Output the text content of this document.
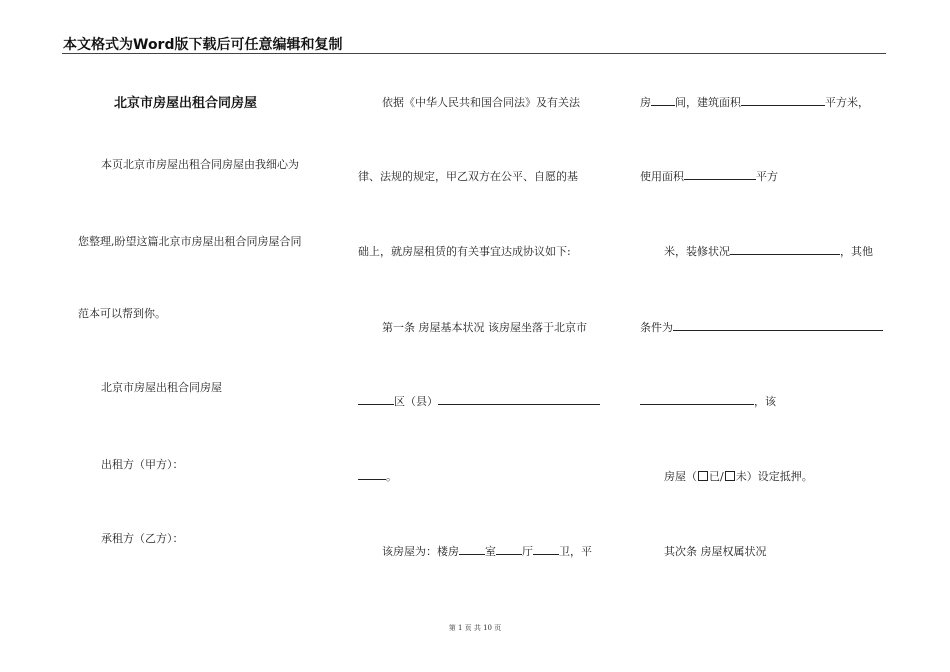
本文格式为Word版下载后可任意编辑和复制
北京市房屋出租合同房屋
本页北京市房屋出租合同房屋由我细心为
您整理,盼望这篇北京市房屋出租合同房屋合同
范本可以帮到你。
北京市房屋出租合同房屋
出租方（甲方）：
承租方（乙方）：
依据《中华人民共和国合同法》及有关法
律、法规的规定，甲乙双方在公平、自愿的基
础上，就房屋租赁的有关事宜达成协议如下:
第一条 房屋基本状况 该房屋坐落于北京市
区（县）
。
该房屋为：楼房 室 厅 卫，平
房 间，建筑面积	平方米，
使用面积	平方
米，装修状况	，其他
条件为
，该
房屋（ 已/ 未）设定抵押。
其次条 房屋权属状况
第 1 页 共 10 页
